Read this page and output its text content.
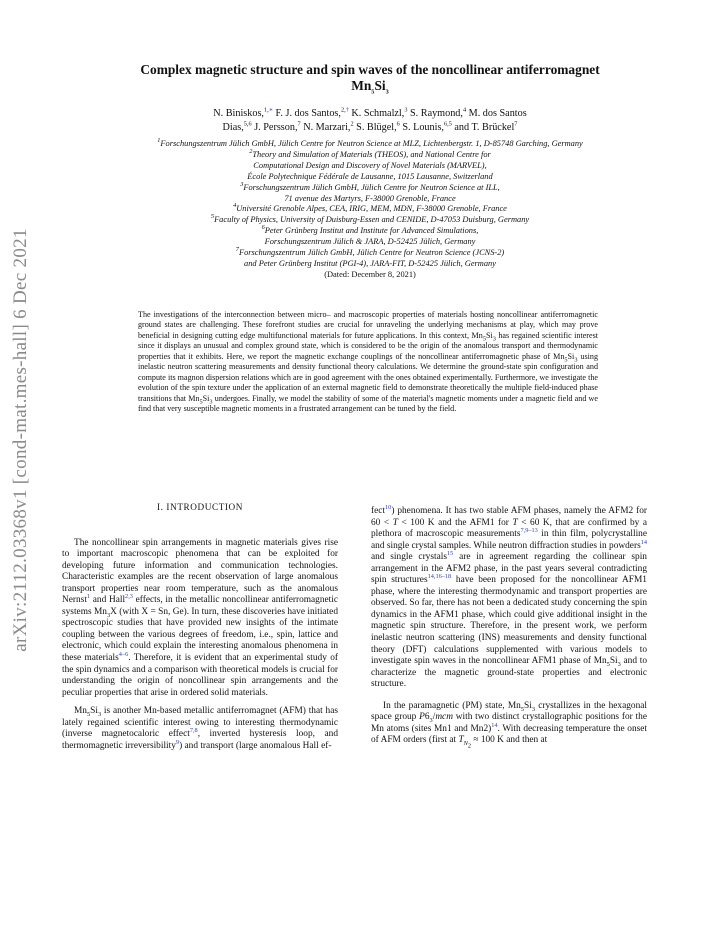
arXiv:2112.03368v1 [cond-mat.mes-hall] 6 Dec 2021
Complex magnetic structure and spin waves of the noncollinear antiferromagnet
$Mn_5Si_3$
N. Biniskos,$^{1,∗}$ F. J. dos Santos,$^{2,\dagger}$ K. Schmalzl,$^3$ S. Raymond,$^4$ M. dos Santos
Dias,$^{5,6}$ J. Persson,$^7$ N. Marzari,$^2$ S. Blügel,$^6$ S. Lounis,$^{6,5}$ and T. Brückel$^7$
$^1$Forschungszentrum Jülich GmbH, Jülich Centre for Neutron Science at MLZ, Lichtenbergstr. 1, D-85748 Garching, Germany
$^2$Theory and Simulation of Materials (THEOS), and National Centre for
Computational Design and Discovery of Novel Materials (MARVEL),
École Polytechnique Fédérale de Lausanne, 1015 Lausanne, Switzerland
$^3$Forschungszentrum Jülich GmbH, Jülich Centre for Neutron Science at ILL,
71 avenue des Martyrs, F-38000 Grenoble, France
$^4$Université Grenoble Alpes, CEA, IRIG, MEM, MDN, F-38000 Grenoble, France
$^5$Faculty of Physics, University of Duisburg-Essen and CENIDE, D-47053 Duisburg, Germany
$^6$Peter Grünberg Institut and Institute for Advanced Simulations,
Forschungszentrum Jülich & JARA, D-52425 Jülich, Germany
$^7$Forschungszentrum Jülich GmbH, Jülich Centre for Neutron Science (JCNS-2)
and Peter Grünberg Institut (PGI-4), JARA-FIT, D-52425 Jülich, Germany
(Dated: December 8, 2021)
The investigations of the interconnection between micro– and macroscopic properties of materials hosting noncollinear antiferromagnetic ground states are challenging. These forefront studies are crucial for unraveling the underlying mechanisms at play, which may prove beneficial in designing cutting edge multifunctional materials for future applications. In this context, $Mn_5Si_3$ has regained scientific interest since it displays an unusual and complex ground state, which is considered to be the origin of the anomalous transport and thermodynamic properties that it exhibits. Here, we report the magnetic exchange couplings of the noncollinear antiferromagnetic phase of $Mn_5Si_3$ using inelastic neutron scattering measurements and density functional theory calculations. We determine the ground-state spin configuration and compute its magnon dispersion relations which are in good agreement with the ones obtained experimentally. Furthermore, we investigate the evolution of the spin texture under the application of an external magnetic field to demonstrate theoretically the multiple field-induced phase transitions that $Mn_5Si_3$ undergoes. Finally, we model the stability of some of the material's magnetic moments under a magnetic field and we find that very susceptible magnetic moments in a frustrated arrangement can be tuned by the field.
I. INTRODUCTION

The noncollinear spin arrangements in magnetic materials gives rise to important macroscopic phenomena that can be exploited for developing future information and communication technologies. Characteristic examples are the recent observation of large anomalous transport properties near room temperature, such as the anomalous Nernst$^1$ and Hall$^{2,3}$ effects, in the metallic noncollinear antiferromagnetic systems $Mn_3X$ (with X = Sn, Ge). In turn, these discoveries have initiated spectroscopic studies that have provided new insights of the intimate coupling between the various degrees of freedom, i.e., spin, lattice and electronic, which could explain the interesting anomalous phenomena in these materials$^{4-6}$. Therefore, it is evident that an experimental study of the spin dynamics and a comparison with theoretical models is crucial for understanding the origin of noncollinear spin arrangements and the peculiar properties that arise in ordered solid materials.

$Mn_5Si_3$ is another Mn-based metallic antiferromagnet (AFM) that has lately regained scientific interest owing to interesting thermodynamic (inverse magnetocaloric effect$^{7,8}$, inverted hysteresis loop, and thermomagnetic irreversibility$^9$) and transport (large anomalous Hall ef-

fect$^{10}$) phenomena. It has two stable AFM phases, namely the AFM2 for 60 < T < 100 K and the AFM1 for T < 60 K, that are confirmed by a plethora of macroscopic measurements$^{7,9-13}$ in thin film, polycrystalline and single crystal samples. While neutron diffraction studies in powders$^{14}$ and single crystals$^{15}$ are in agreement regarding the collinear spin arrangement in the AFM2 phase, in the past years several contradicting spin structures$^{14,16-18}$ have been proposed for the noncollinear AFM1 phase, where the interesting thermodynamic and transport properties are observed. So far, there has not been a dedicated study concerning the spin dynamics in the AFM1 phase, which could give additional insight in the magnetic spin structure. Therefore, in the present work, we perform inelastic neutron scattering (INS) measurements and density functional theory (DFT) calculations supplemented with various models to investigate spin waves in the noncollinear AFM1 phase of $Mn_5Si_3$ and to characterize the magnetic ground-state properties and electronic structure.

In the paramagnetic (PM) state, $Mn_5Si_3$ crystallizes in the hexagonal space group $P6_3$/mcm with two distinct crystallographic positions for the Mn atoms (sites Mn1 and Mn2)$^{14}$. With decreasing temperature the onset of AFM orders (first at $T_{N_2} \approx 100$ K and then at
